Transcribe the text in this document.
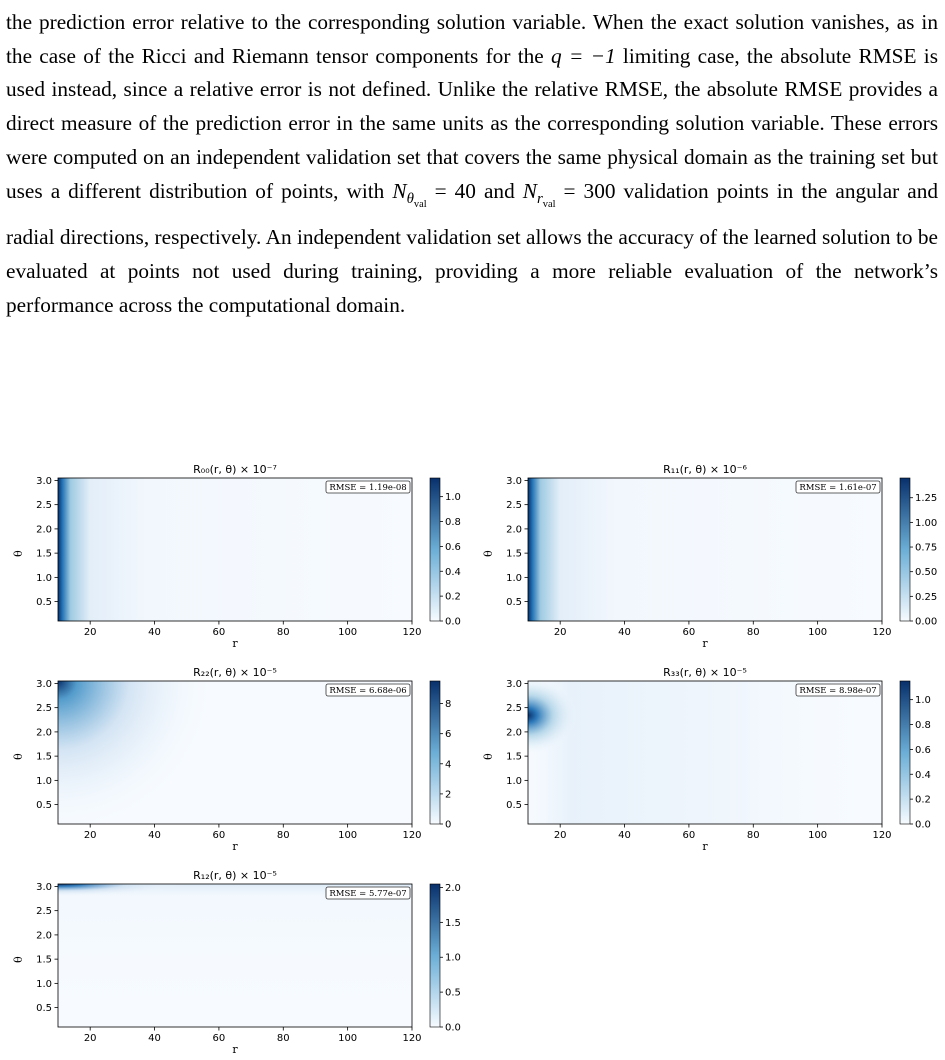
the prediction error relative to the corresponding solution variable. When the exact solution vanishes, as in the case of the Ricci and Riemann tensor components for the q = −1 limiting case, the absolute RMSE is used instead, since a relative error is not defined. Unlike the relative RMSE, the absolute RMSE provides a direct measure of the prediction error in the same units as the corresponding solution variable. These errors were computed on an independent validation set that covers the same physical domain as the training set but uses a different distribution of points, with $N_{\theta_{val}} = 40$ and $N_{r_{val}} = 300$ validation points in the angular and radial directions, respectively. An independent validation set allows the accuracy of the learned solution to be evaluated at points not used during training, providing a more reliable evaluation of the network’s performance across the computational domain.
R₀₀(r, θ) × 10⁻⁷
20	40	60	80	100	120
r
0.5
1.0
1.5
2.0
2.5
3.0
θ
RMSE = 1.19e-08
0.0
0.2
0.4
0.6
0.8
1.0
R₁₁(r, θ) × 10⁻⁶
20	40	60	80	100	120
r
0.5
1.0
1.5
2.0
2.5
3.0
θ
RMSE = 1.61e-07
0.00
0.25
0.50
0.75
1.00
1.25
R₂₂(r, θ) × 10⁻⁵
20	40	60	80	100	120
r
0.5
1.0
1.5
2.0
2.5
3.0
θ
RMSE = 6.68e-06
0
2
4
6
8
R₃₃(r, θ) × 10⁻⁵
20	40	60	80	100	120
r
0.5
1.0
1.5
2.0
2.5
3.0
θ
RMSE = 8.98e-07
0.0
0.2
0.4
0.6
0.8
1.0
R₁₂(r, θ) × 10⁻⁵
20	40	60	80	100	120
r
0.5
1.0
1.5
2.0
2.5
3.0
θ
RMSE = 5.77e-07
0.0
0.5
1.0
1.5
2.0
